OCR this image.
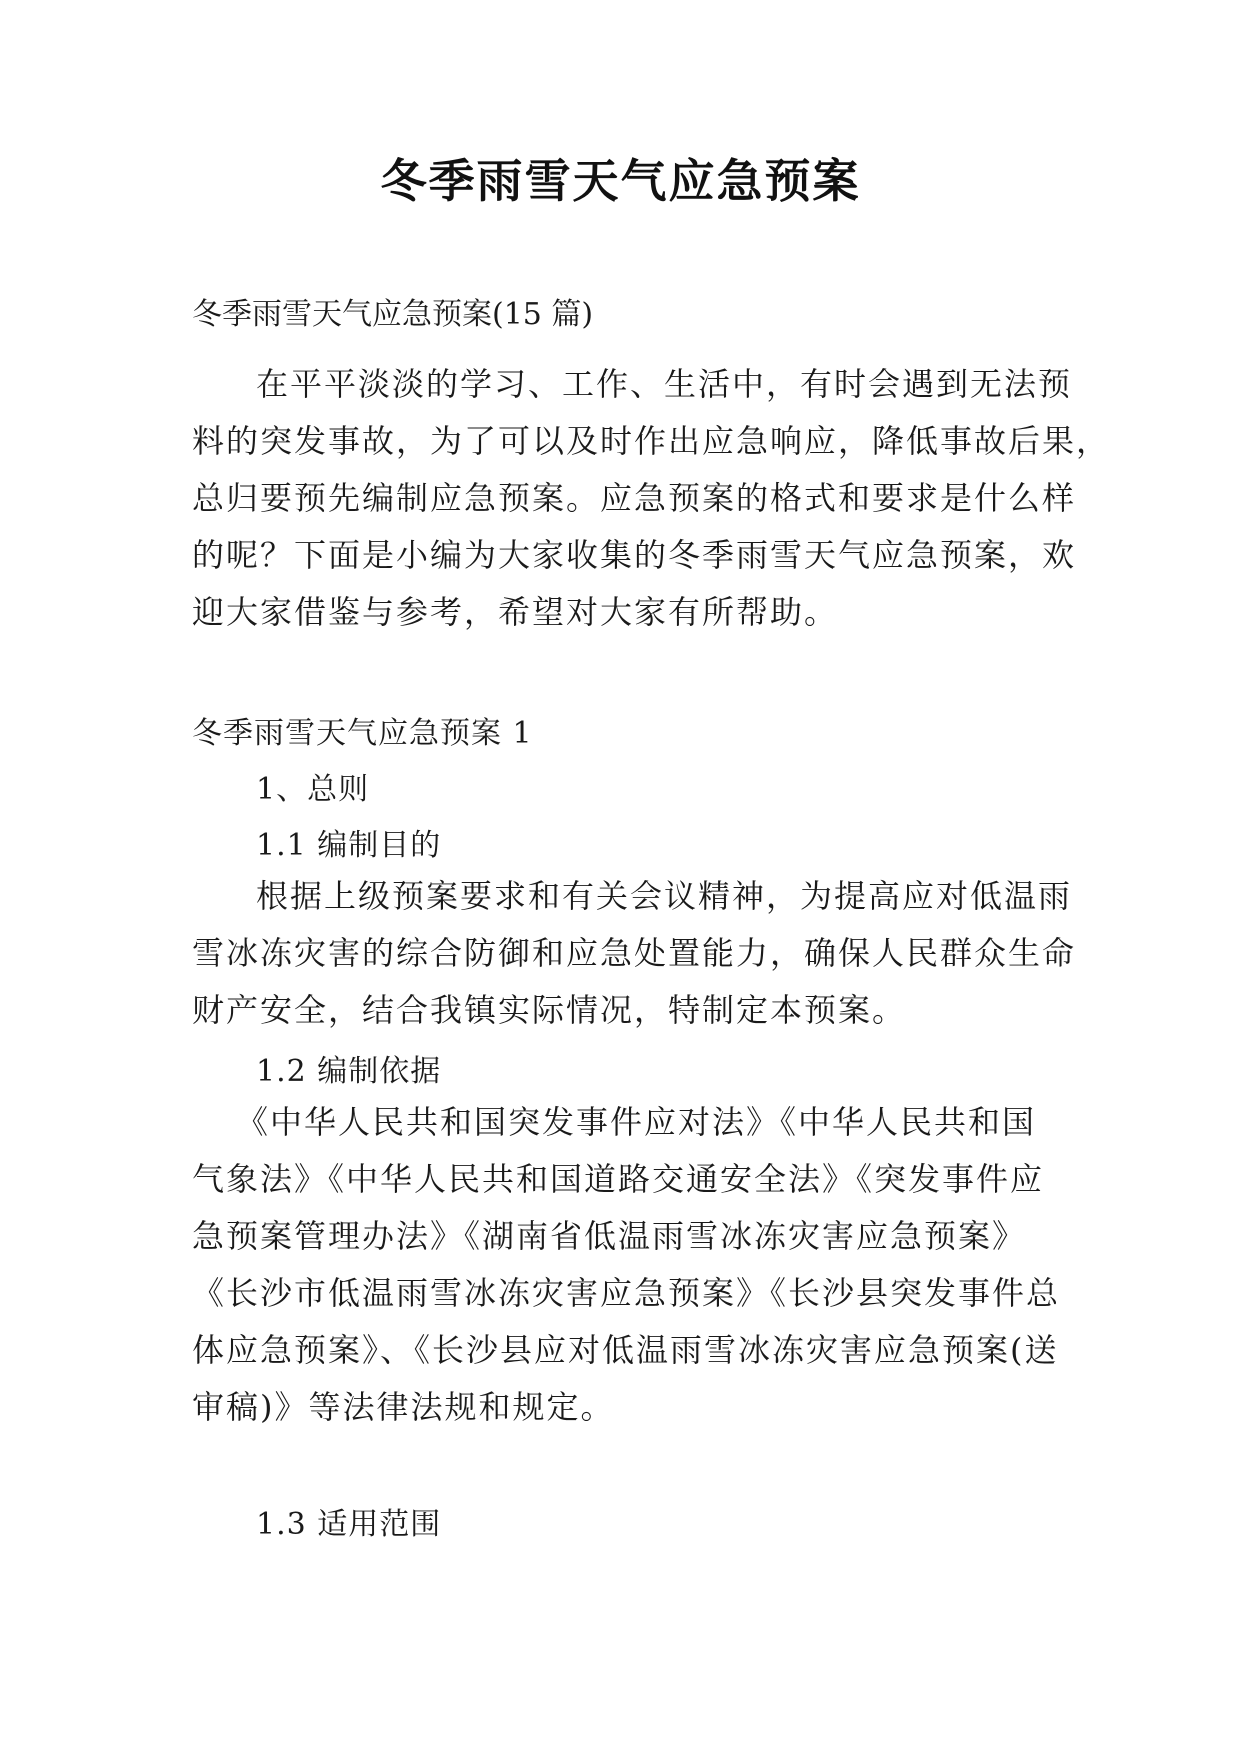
冬季雨雪天气应急预案
冬季雨雪天气应急预案(15 篇)
在平平淡淡的学习、工作、生活中，有时会遇到无法预
料的突发事故，为了可以及时作出应急响应，降低事故后果，
总归要预先编制应急预案。应急预案的格式和要求是什么样
的呢？下面是小编为大家收集的冬季雨雪天气应急预案，欢
迎大家借鉴与参考，希望对大家有所帮助。
冬季雨雪天气应急预案 1
1、总则
1.1 编制目的
根据上级预案要求和有关会议精神，为提高应对低温雨
雪冰冻灾害的综合防御和应急处置能力，确保人民群众生命
财产安全，结合我镇实际情况，特制定本预案。
1.2 编制依据
《中华人民共和国突发事件应对法》《中华人民共和国
气象法》《中华人民共和国道路交通安全法》《突发事件应
急预案管理办法》《湖南省低温雨雪冰冻灾害应急预案》
《长沙市低温雨雪冰冻灾害应急预案》《长沙县突发事件总
体应急预案》、《长沙县应对低温雨雪冰冻灾害应急预案(送
审稿)》等法律法规和规定。
1.3 适用范围
